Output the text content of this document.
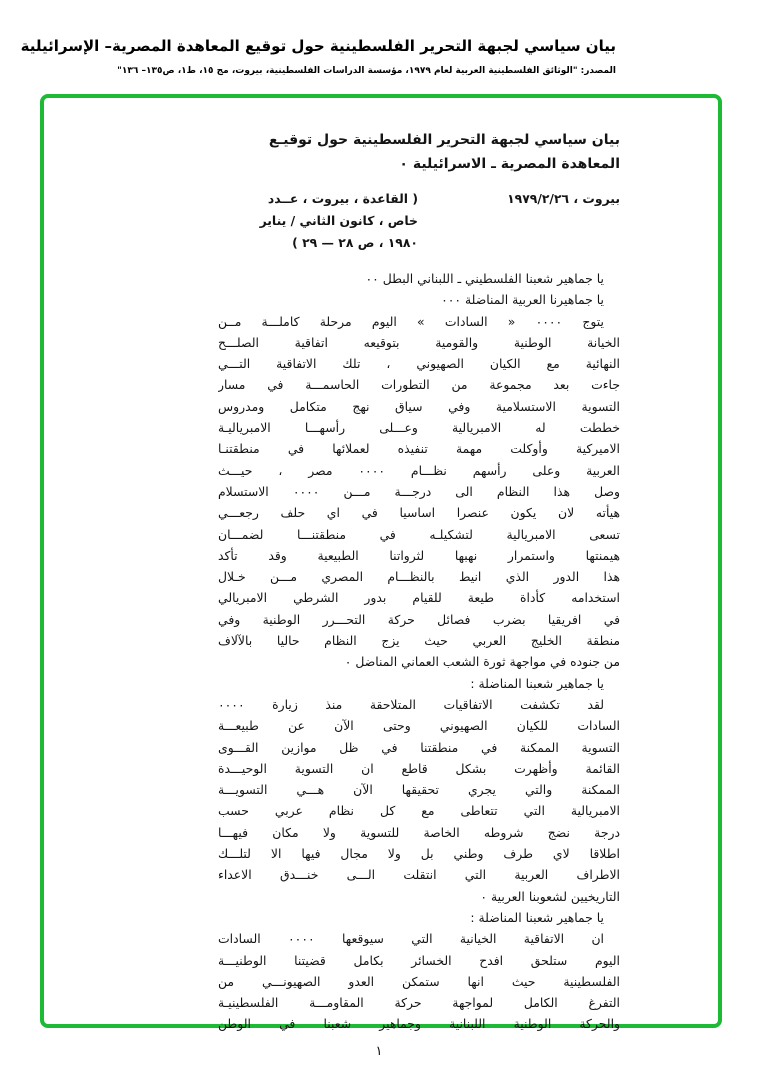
بيان سياسي لجبهة التحرير الفلسطينية حول توقيع المعاهدة المصرية– الإسرائيلية
المصدر: "الوثائق الفلسطينية العربية لعام ١٩٧٩، مؤسسة الدراسات الفلسطينية، بيروت، مج ١٥، ط١، ص١٣٥– ١٣٦"
بيان سياسي لجبهة التحرير الفلسطينية حول توقيـع
المعاهدة المصرية ـ الاسرائيلية ٠
بيروت ، ١٩٧٩/٢/٢٦
( القاعدة ، بيروت ، عــدد
خاص ، كانون الثاني / يناير
١٩٨٠ ، ص ٢٨ — ٢٩ )
يا جماهير شعبنا الفلسطيني ـ اللبناني البطل ٠٠
يا جماهيرنا العربية المناضلة ٠٠٠
يتوج ٠٠٠٠ « السادات » اليوم مرحلة كاملـــة مــن
الخيانة الوطنية والقومية بتوقيعه اتفاقية الصلـــح
النهائية مع الكيان الصهيوني ، تلك الاتفاقية التـــي
جاءت بعد مجموعة من التطورات الحاسمـــة في مسار
التسوية الاستسلامية وفي سياق نهج متكامل ومدروس
خططت له الامبريالية وعـــلى رأسهـــا الامبرياليـة
الاميركية وأوكلت مهمة تنفيذه لعملائها في منطقتنـا
العربية وعلى رأسهم نظـــام ٠٠٠٠ مصر ، حيـــث
وصل هذا النظام الى درجـــة مـــن ٠٠٠٠ الاستسلام
هيأته لان يكون عنصرا اساسيا في اي حلف رجعـــي
تسعى الامبريالية لتشكيلـه في منطقتنـــا لضمـــان
هيمنتها واستمرار نهبها لثرواتنا الطبيعية وقد تأكد
هذا الدور الذي انيط بالنظـــام المصري مـــن خـلال
استخدامه كأداة طيعة للقيام بدور الشرطي الامبريالي
في افريقيا بضرب فصائل حركة التحـــرر الوطنية وفي
منطقة الخليج العربي حيث يزج النظام حاليا بالآلاف
من جنوده في مواجهة ثورة الشعب العماني المناضل ٠
يا جماهير شعبنا المناضلة :
لقد تكشفت الاتفاقيات المتلاحقة منذ زيارة ٠٠٠٠
السادات للكيان الصهيوني وحتى الآن عن طبيعـــة
التسوية الممكنة في منطقتنا في ظل موازين القـــوى
القائمة وأظهرت بشكل قاطع ان التسوية الوحيـــدة
الممكنة والتي يجري تحقيقها الآن هـــي التسويـــة
الامبريالية التي تتعاطى مع كل نظام عربي حسب
درجة نضج شروطه الخاصة للتسوية ولا مكان فيهـــا
اطلاقا لاي طرف وطني بل ولا مجال فيها الا لتلـــك
الاطراف العربية التي انتقلت الـــى خنـــدق الاعداء
التاريخيين لشعوبنا العربية ٠
يا جماهير شعبنا المناضلة :
ان الاتفاقية الخيانية التي سيوقعها ٠٠٠٠ السادات
اليوم ستلحق افدح الخسائر بكامل قضيتنا الوطنيـــة
الفلسطينية حيث انها ستمكن العدو الصهيونـــي من
التفرغ الكامل لمواجهة حركة المقاومـــة الفلسطينيـة
والحركة الوطنية اللبنانية وجماهير شعبنا في الوطن
١
